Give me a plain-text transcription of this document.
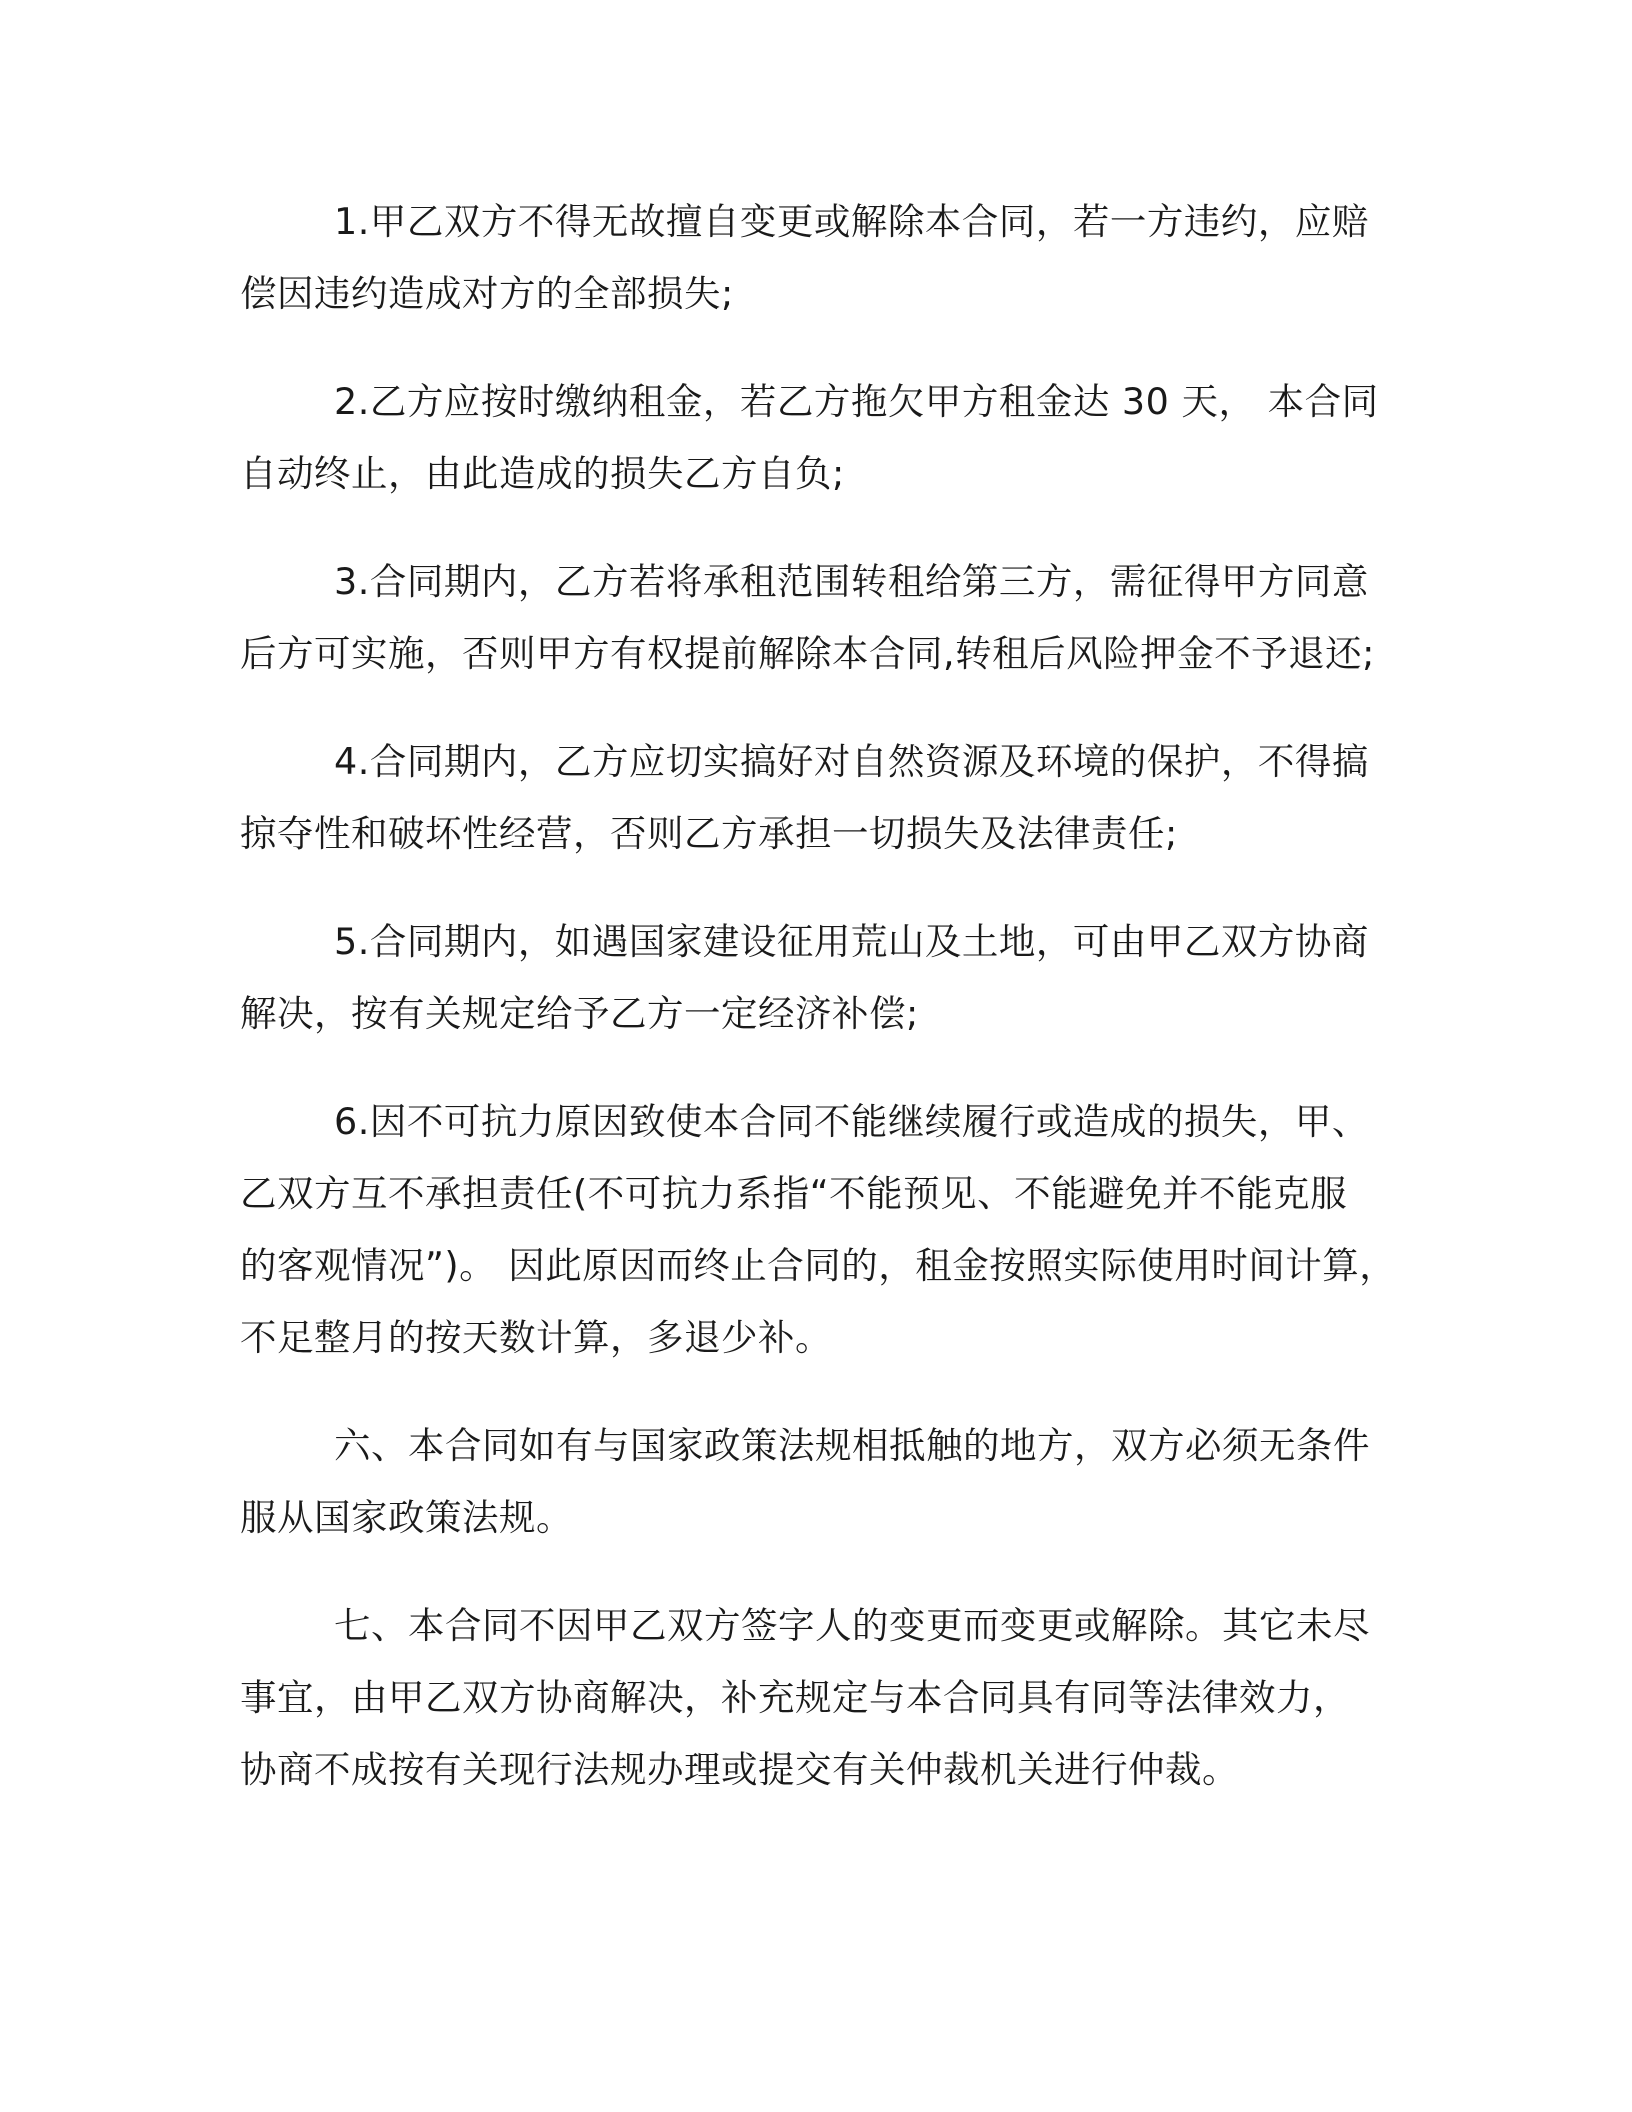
1.甲乙双方不得无故擅自变更或解除本合同，若一方违约，应赔
偿因违约造成对方的全部损失;
2.乙方应按时缴纳租金，若乙方拖欠甲方租金达 30 天， 本合同
自动终止，由此造成的损失乙方自负;
3.合同期内，乙方若将承租范围转租给第三方，需征得甲方同意
后方可实施，否则甲方有权提前解除本合同,转租后风险押金不予退还;
4.合同期内，乙方应切实搞好对自然资源及环境的保护，不得搞
掠夺性和破坏性经营，否则乙方承担一切损失及法律责任;
5.合同期内，如遇国家建设征用荒山及土地，可由甲乙双方协商
解决，按有关规定给予乙方一定经济补偿;
6.因不可抗力原因致使本合同不能继续履行或造成的损失，甲、
乙双方互不承担责任(不可抗力系指“不能预见、不能避免并不能克服
的客观情况”)。 因此原因而终止合同的，租金按照实际使用时间计算，
不足整月的按天数计算，多退少补。
六、本合同如有与国家政策法规相抵触的地方，双方必须无条件
服从国家政策法规。
七、本合同不因甲乙双方签字人的变更而变更或解除。其它未尽
事宜，由甲乙双方协商解决，补充规定与本合同具有同等法律效力，
协商不成按有关现行法规办理或提交有关仲裁机关进行仲裁。
